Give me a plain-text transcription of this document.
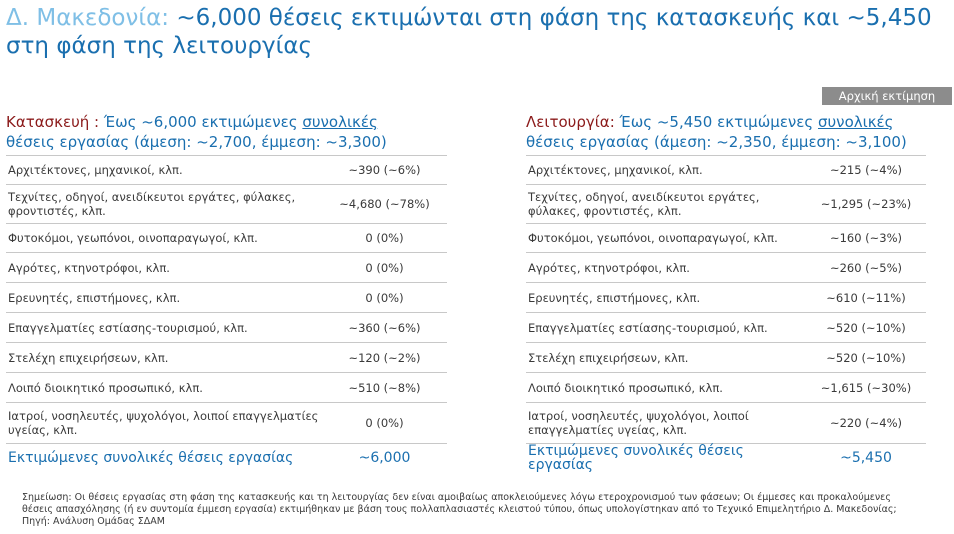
Δ. Μακεδονία: ~6,000 θέσεις εκτιμώνται στη φάση της κατασκευής και ~5,450 στη φάση της λειτουργίας
Αρχική εκτίμηση
Κατασκευή : Έως ~6,000 εκτιμώμενες συνολικές
θέσεις εργασίας (άμεση: ~2,700, έμμεση: ~3,300)
Αρχιτέκτονες, μηχανικοί, κλπ.	~390 (~6%)
Τεχνίτες, οδηγοί, ανειδίκευτοι εργάτες, φύλακες, φροντιστές, κλπ.	~4,680 (~78%)
Φυτοκόμοι, γεωπόνοι, οινοπαραγωγοί, κλπ.	0 (0%)
Αγρότες, κτηνοτρόφοι, κλπ.	0 (0%)
Ερευνητές, επιστήμονες, κλπ.	0 (0%)
Επαγγελματίες εστίασης-τουρισμού, κλπ.	~360 (~6%)
Στελέχη επιχειρήσεων, κλπ.	~120 (~2%)
Λοιπό διοικητικό προσωπικό, κλπ.	~510 (~8%)
Ιατροί, νοσηλευτές, ψυχολόγοι, λοιποί επαγγελματίες υγείας, κλπ.	0 (0%)
Εκτιμώμενες συνολικές θέσεις εργασίας	~6,000
Λειτουργία: Έως ~5,450 εκτιμώμενες συνολικές
θέσεις εργασίας (άμεση: ~2,350, έμμεση: ~3,100)
Αρχιτέκτονες, μηχανικοί, κλπ.	~215 (~4%)
Τεχνίτες, οδηγοί, ανειδίκευτοι εργάτες, φύλακες, φροντιστές, κλπ.	~1,295 (~23%)
Φυτοκόμοι, γεωπόνοι, οινοπαραγωγοί, κλπ.	~160 (~3%)
Αγρότες, κτηνοτρόφοι, κλπ.	~260 (~5%)
Ερευνητές, επιστήμονες, κλπ.	~610 (~11%)
Επαγγελματίες εστίασης-τουρισμού, κλπ.	~520 (~10%)
Στελέχη επιχειρήσεων, κλπ.	~520 (~10%)
Λοιπό διοικητικό προσωπικό, κλπ.	~1,615 (~30%)
Ιατροί, νοσηλευτές, ψυχολόγοι, λοιποί επαγγελματίες υγείας, κλπ.	~220 (~4%)
Εκτιμώμενες συνολικές θέσεις εργασίας	~5,450
Σημείωση: Οι θέσεις εργασίας στη φάση της κατασκευής και τη λειτουργίας δεν είναι αμοιβαίως αποκλειούμενες λόγω ετεροχρονισμού των φάσεων; Οι έμμεσες και προκαλούμενες θέσεις απασχόλησης (ή εν συντομία έμμεση εργασία) εκτιμήθηκαν με βάση τους πολλαπλασιαστές κλειστού τύπου, όπως υπολογίστηκαν από το Τεχνικό Επιμελητήριο Δ. Μακεδονίας; Πηγή: Ανάλυση Ομάδας ΣΔΑΜ
